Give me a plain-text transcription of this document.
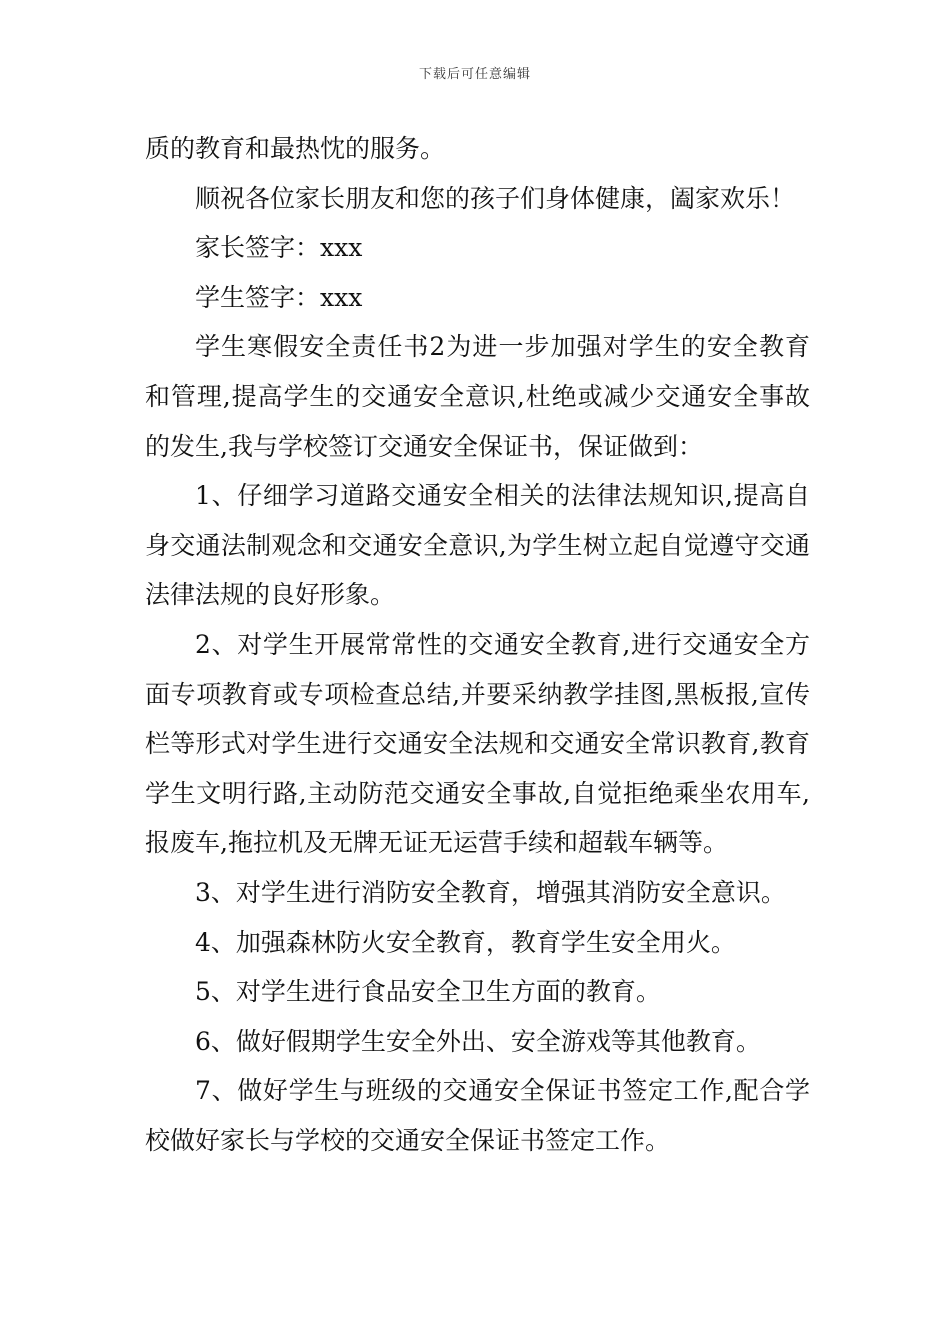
下载后可任意编辑

质的教育和最热忱的服务。

顺祝各位家长朋友和您的孩子们身体健康，阖家欢乐！

家长签字：xxx

学生签字：xxx

学生寒假安全责任书2为进一步加强对学生的安全教育和管理,提高学生的交通安全意识,杜绝或减少交通安全事故的发生,我与学校签订交通安全保证书，保证做到：

1、仔细学习道路交通安全相关的法律法规知识,提高自身交通法制观念和交通安全意识,为学生树立起自觉遵守交通法律法规的良好形象。

2、对学生开展常常性的交通安全教育,进行交通安全方面专项教育或专项检查总结,并要采纳教学挂图,黑板报,宣传栏等形式对学生进行交通安全法规和交通安全常识教育,教育学生文明行路,主动防范交通安全事故,自觉拒绝乘坐农用车,报废车,拖拉机及无牌无证无运营手续和超载车辆等。

3、对学生进行消防安全教育，增强其消防安全意识。

4、加强森林防火安全教育，教育学生安全用火。

5、对学生进行食品安全卫生方面的教育。

6、做好假期学生安全外出、安全游戏等其他教育。

7、做好学生与班级的交通安全保证书签定工作,配合学校做好家长与学校的交通安全保证书签定工作。
